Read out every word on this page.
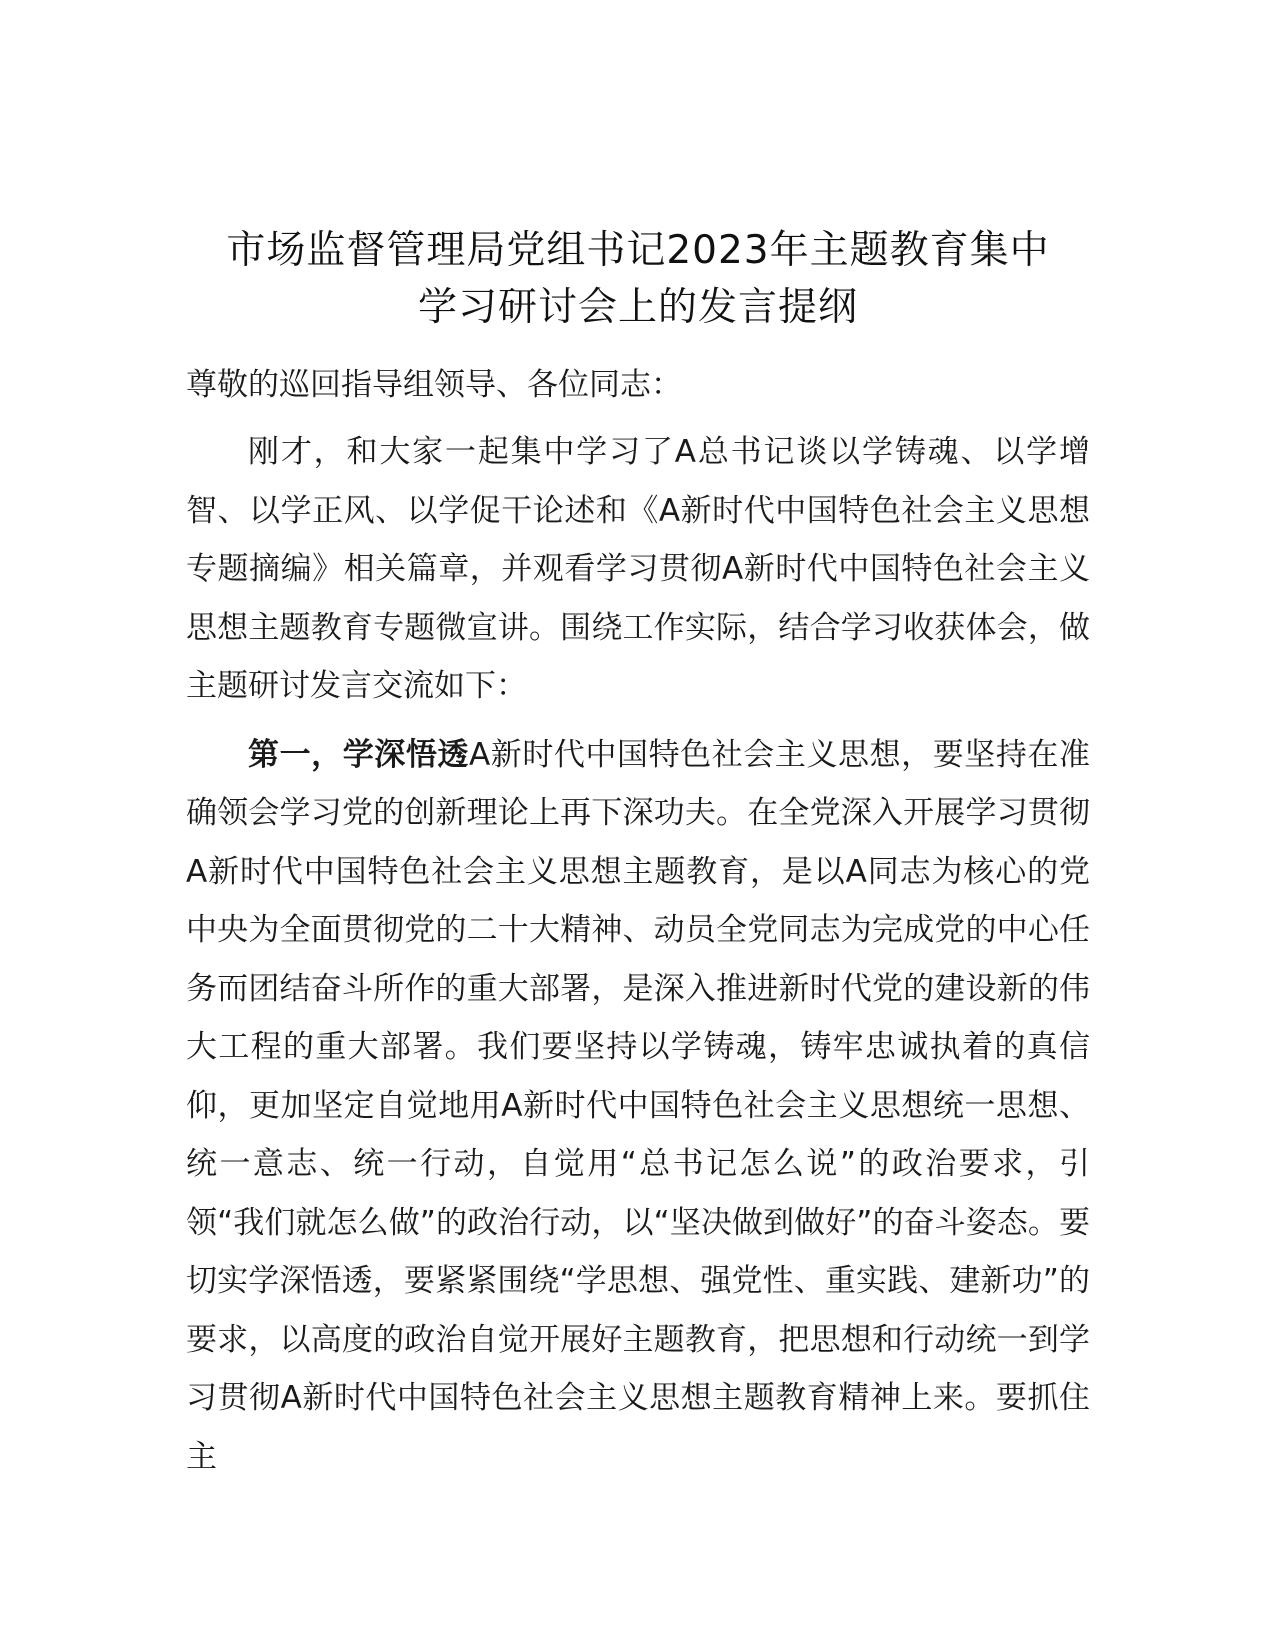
市场监督管理局党组书记2023年主题教育集中
学习研讨会上的发言提纲

尊敬的巡回指导组领导、各位同志：

刚才，和大家一起集中学习了A总书记谈以学铸魂、以学增智、以学正风、以学促干论述和《A新时代中国特色社会主义思想专题摘编》相关篇章，并观看学习贯彻A新时代中国特色社会主义思想主题教育专题微宣讲。围绕工作实际，结合学习收获体会，做主题研讨发言交流如下：

第一，学深悟透A新时代中国特色社会主义思想，要坚持在准确领会学习党的创新理论上再下深功夫。在全党深入开展学习贯彻A新时代中国特色社会主义思想主题教育，是以A同志为核心的党中央为全面贯彻党的二十大精神、动员全党同志为完成党的中心任务而团结奋斗所作的重大部署，是深入推进新时代党的建设新的伟大工程的重大部署。我们要坚持以学铸魂，铸牢忠诚执着的真信仰，更加坚定自觉地用A新时代中国特色社会主义思想统一思想、统一意志、统一行动，自觉用“总书记怎么说”的政治要求，引领“我们就怎么做”的政治行动，以“坚决做到做好”的奋斗姿态。要切实学深悟透，要紧紧围绕“学思想、强党性、重实践、建新功”的要求，以高度的政治自觉开展好主题教育，把思想和行动统一到学习贯彻A新时代中国特色社会主义思想主题教育精神上来。要抓住主
